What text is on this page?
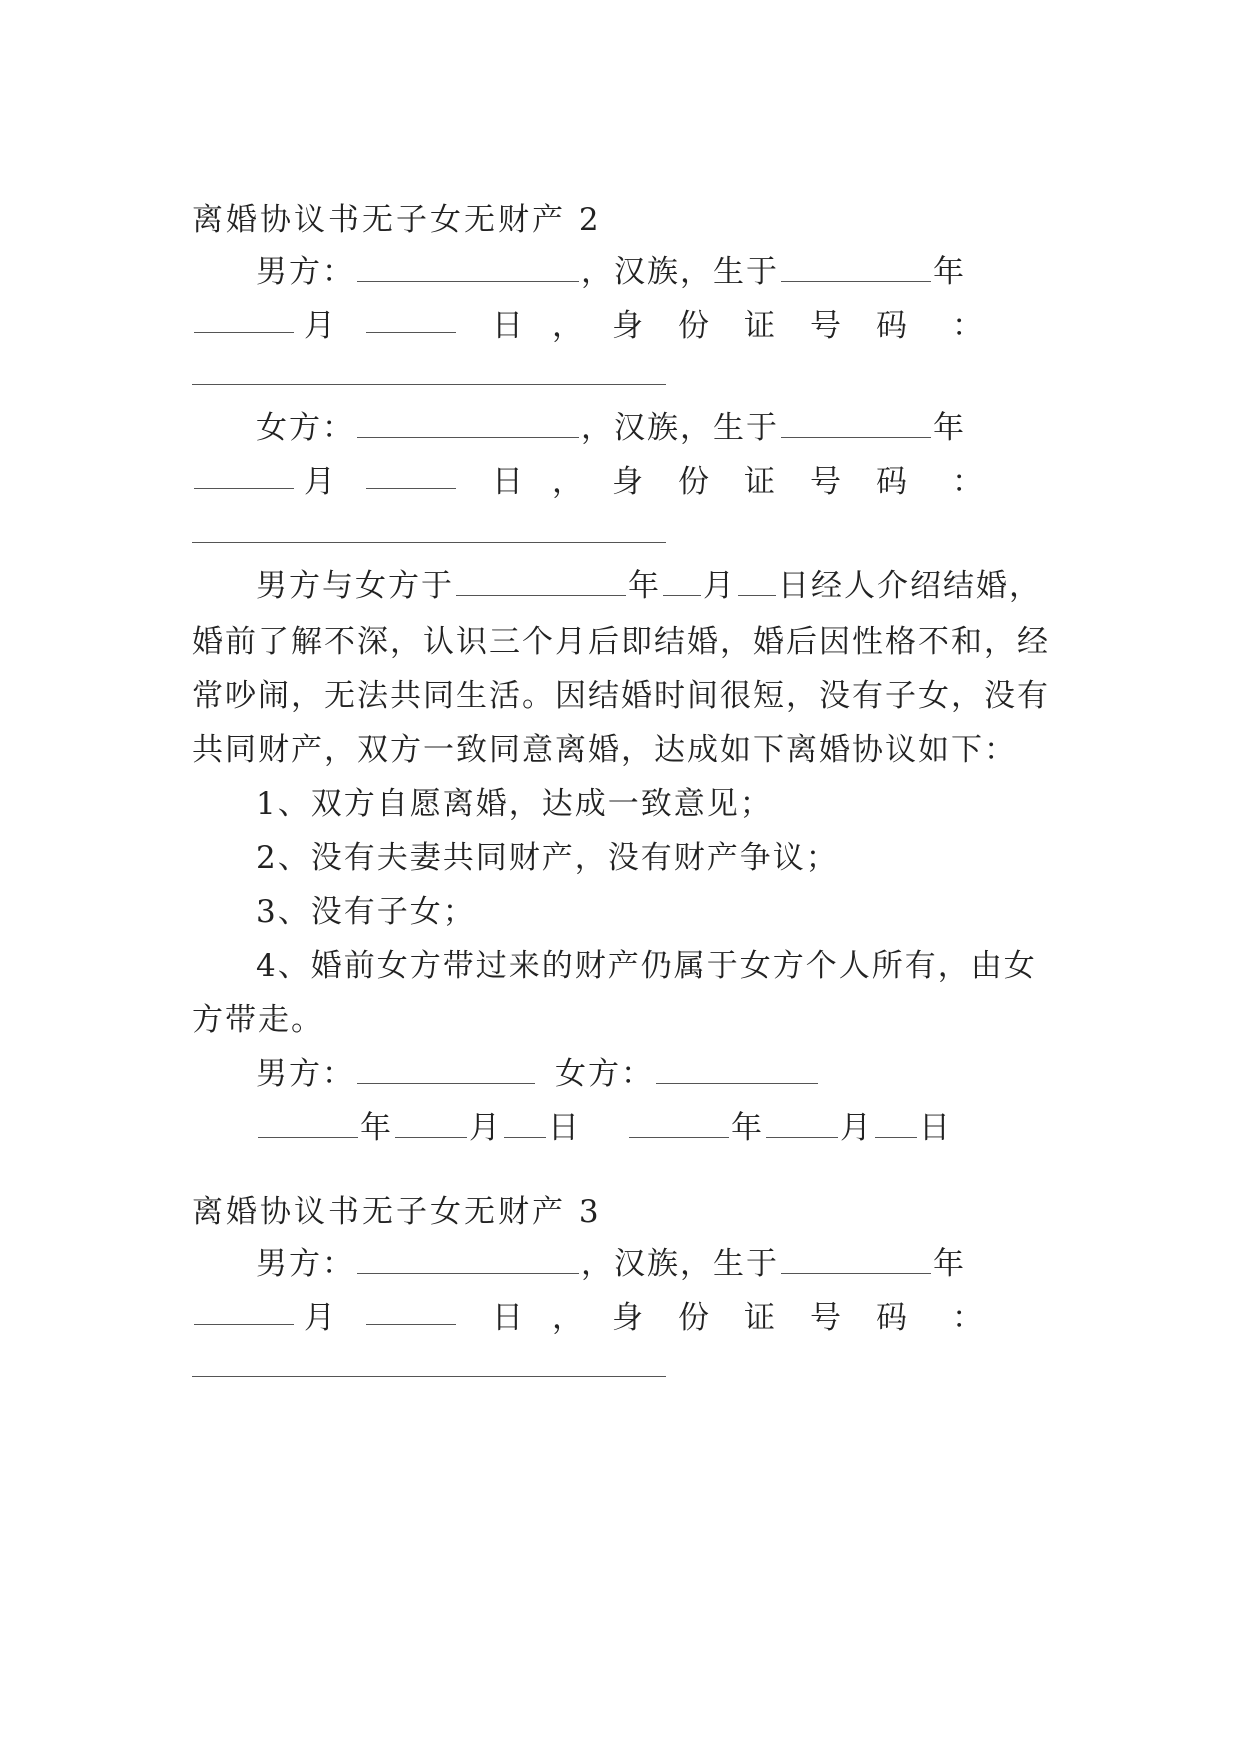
离婚协议书无子女无财产 2
男方：	，汉族，生于	年
月	日 ， 身 份 证 号 码 ：
女方：	，汉族，生于	年
月	日 ， 身 份 证 号 码 ：
男方与女方于	年 月 日经人介绍结婚，
婚前了解不深，认识三个月后即结婚，婚后因性格不和，经
常吵闹，无法共同生活。因结婚时间很短，没有子女，没有
共同财产，双方一致同意离婚，达成如下离婚协议如下：
1、双方自愿离婚，达成一致意见；
2、没有夫妻共同财产，没有财产争议；
3、没有子女；
4、婚前女方带过来的财产仍属于女方个人所有，由女
方带走。
男方：	女方：
年 月 日	年 月 日
离婚协议书无子女无财产 3
男方：	，汉族，生于	年
月	日 ， 身 份 证 号 码 ：
